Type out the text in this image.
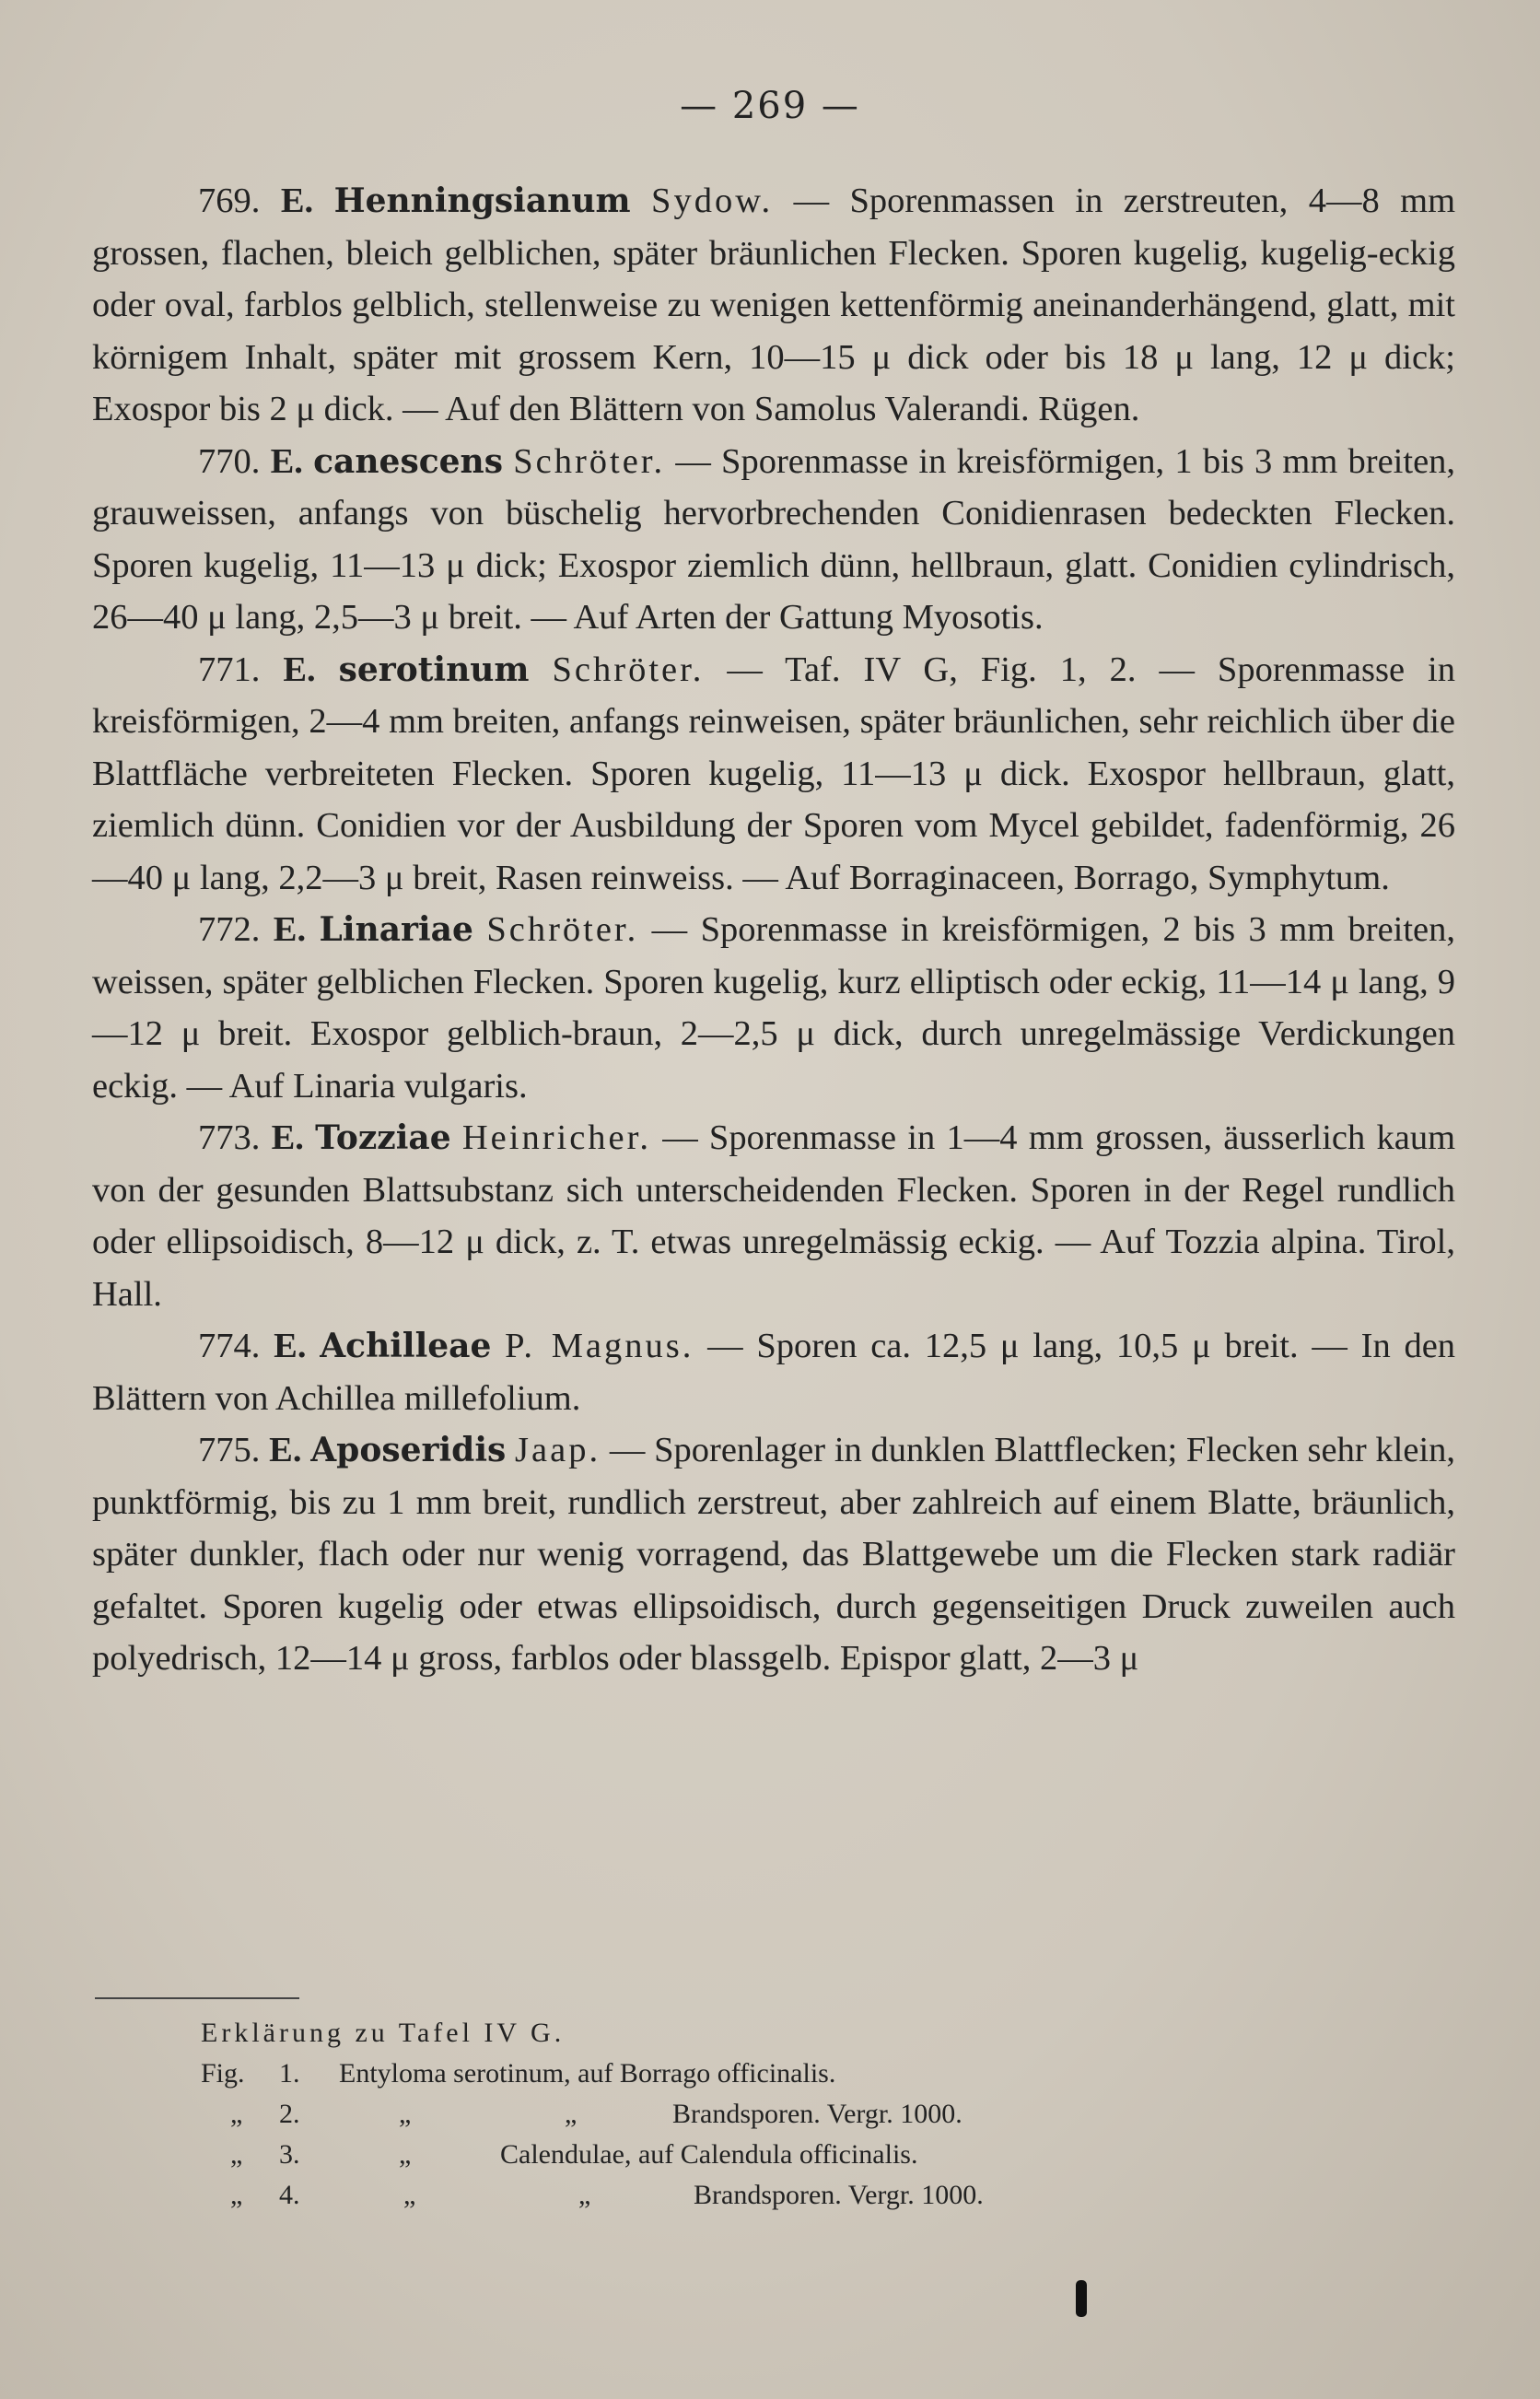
— 269 —

769. E. Henningsianum Sydow. — Sporenmassen in zerstreuten, 4—8 mm grossen, flachen, bleich gelblichen, später bräunlichen Flecken. Sporen kugelig, kugelig-eckig oder oval, farblos gelblich, stellenweise zu wenigen kettenförmig aneinanderhängend, glatt, mit körnigem Inhalt, später mit grossem Kern, 10—15 μ dick oder bis 18 μ lang, 12 μ dick; Exospor bis 2 μ dick. — Auf den Blättern von Samolus Valerandi. Rügen.

770. E. canescens Schröter. — Sporenmasse in kreisförmigen, 1 bis 3 mm breiten, grauweissen, anfangs von büschelig hervorbrechenden Conidienrasen bedeckten Flecken. Sporen kugelig, 11—13 μ dick; Exospor ziemlich dünn, hellbraun, glatt. Conidien cylindrisch, 26—40 μ lang, 2,5—3 μ breit. — Auf Arten der Gattung Myosotis.

771. E. serotinum Schröter. — Taf. IV G, Fig. 1, 2. — Sporenmasse in kreisförmigen, 2—4 mm breiten, anfangs reinweisen, später bräunlichen, sehr reichlich über die Blattfläche verbreiteten Flecken. Sporen kugelig, 11—13 μ dick. Exospor hellbraun, glatt, ziemlich dünn. Conidien vor der Ausbildung der Sporen vom Mycel gebildet, fadenförmig, 26—40 μ lang, 2,2—3 μ breit, Rasen reinweiss. — Auf Borraginaceen, Borrago, Symphytum.

772. E. Linariae Schröter. — Sporenmasse in kreisförmigen, 2 bis 3 mm breiten, weissen, später gelblichen Flecken. Sporen kugelig, kurz elliptisch oder eckig, 11—14 μ lang, 9—12 μ breit. Exospor gelblich-braun, 2—2,5 μ dick, durch unregelmässige Verdickungen eckig. — Auf Linaria vulgaris.

773. E. Tozziae Heinricher. — Sporenmasse in 1—4 mm grossen, äusserlich kaum von der gesunden Blattsubstanz sich unterscheidenden Flecken. Sporen in der Regel rundlich oder ellipsoidisch, 8—12 μ dick, z. T. etwas unregelmässig eckig. — Auf Tozzia alpina. Tirol, Hall.

774. E. Achilleae P. Magnus. — Sporen ca. 12,5 μ lang, 10,5 μ breit. — In den Blättern von Achillea millefolium.

775. E. Aposeridis Jaap. — Sporenlager in dunklen Blattflecken; Flecken sehr klein, punktförmig, bis zu 1 mm breit, rundlich zerstreut, aber zahlreich auf einem Blatte, bräunlich, später dunkler, flach oder nur wenig vorragend, das Blattgewebe um die Flecken stark radiär gefaltet. Sporen kugelig oder etwas ellipsoidisch, durch gegenseitigen Druck zuweilen auch polyedrisch, 12—14 μ gross, farblos oder blassgelb. Epispor glatt, 2—3 μ

Erklärung zu Tafel IV G.

Fig. 1. Entyloma serotinum, auf Borrago officinalis.
„ 2.	„	„	Brandsporen. Vergr. 1000.
„ 3.	„	Calendulae, auf Calendula officinalis.
„ 4.	„	„	Brandsporen. Vergr. 1000.
